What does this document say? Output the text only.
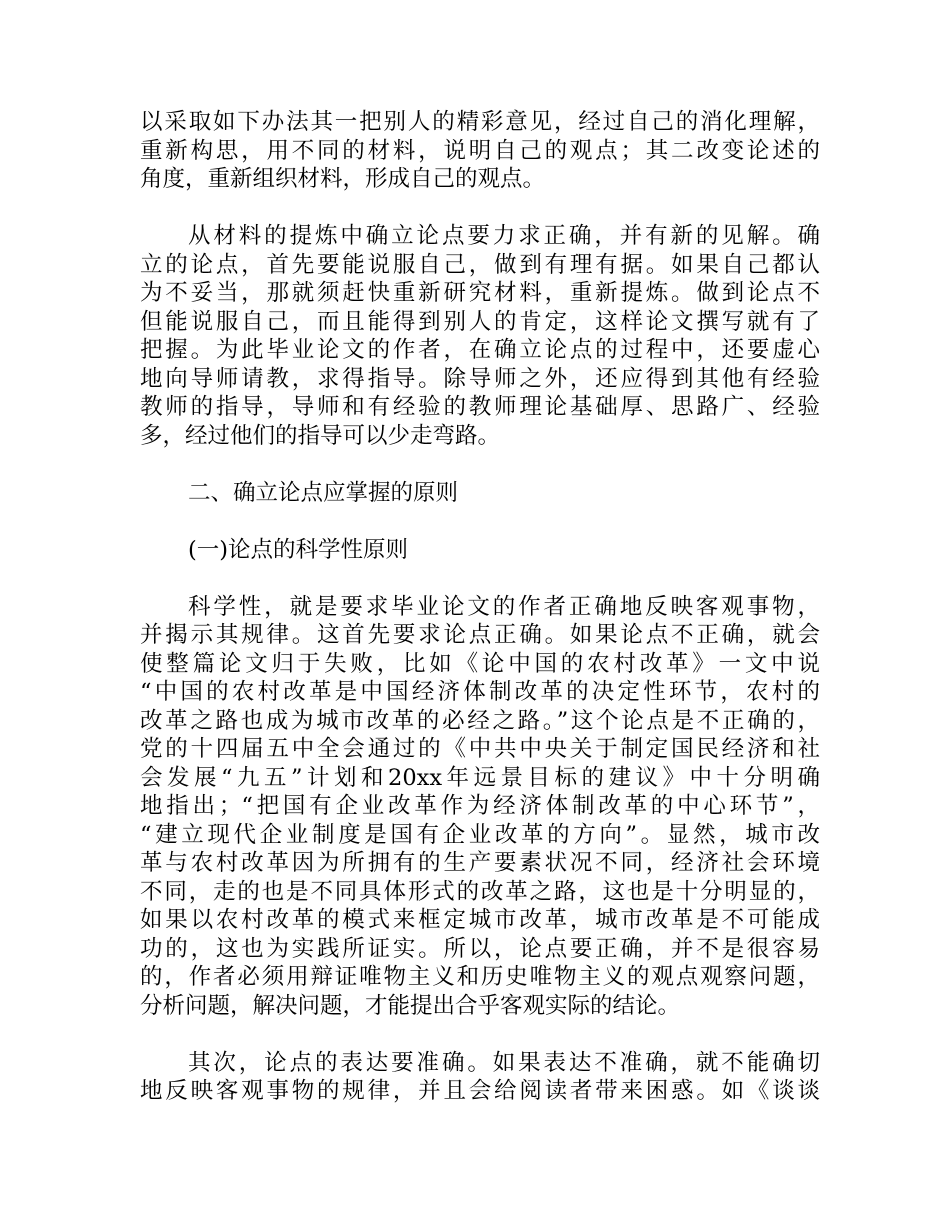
以采取如下办法其一把别人的精彩意见，经过自己的消化理解，
重新构思，用不同的材料，说明自己的观点；其二改变论述的
角度，重新组织材料，形成自己的观点。
从材料的提炼中确立论点要力求正确，并有新的见解。确
立的论点，首先要能说服自己，做到有理有据。如果自己都认
为不妥当，那就须赶快重新研究材料，重新提炼。做到论点不
但能说服自己，而且能得到别人的肯定，这样论文撰写就有了
把握。为此毕业论文的作者，在确立论点的过程中，还要虚心
地向导师请教，求得指导。除导师之外，还应得到其他有经验
教师的指导，导师和有经验的教师理论基础厚、思路广、经验
多，经过他们的指导可以少走弯路。
二、确立论点应掌握的原则
(一)论点的科学性原则
科学性，就是要求毕业论文的作者正确地反映客观事物，
并揭示其规律。这首先要求论点正确。如果论点不正确，就会
使整篇论文归于失败，比如《论中国的农村改革》一文中说
“中国的农村改革是中国经济体制改革的决定性环节，农村的
改革之路也成为城市改革的必经之路。”这个论点是不正确的，
党的十四届五中全会通过的《中共中央关于制定国民经济和社
会发展“九五”计划和20xx年远景目标的建议》中十分明确
地指出；“把国有企业改革作为经济体制改革的中心环节”，
“建立现代企业制度是国有企业改革的方向”。显然，城市改
革与农村改革因为所拥有的生产要素状况不同，经济社会环境
不同，走的也是不同具体形式的改革之路，这也是十分明显的，
如果以农村改革的模式来框定城市改革，城市改革是不可能成
功的，这也为实践所证实。所以，论点要正确，并不是很容易
的，作者必须用辩证唯物主义和历史唯物主义的观点观察问题，
分析问题，解决问题，才能提出合乎客观实际的结论。
其次，论点的表达要准确。如果表达不准确，就不能确切
地反映客观事物的规律，并且会给阅读者带来困惑。如《谈谈
